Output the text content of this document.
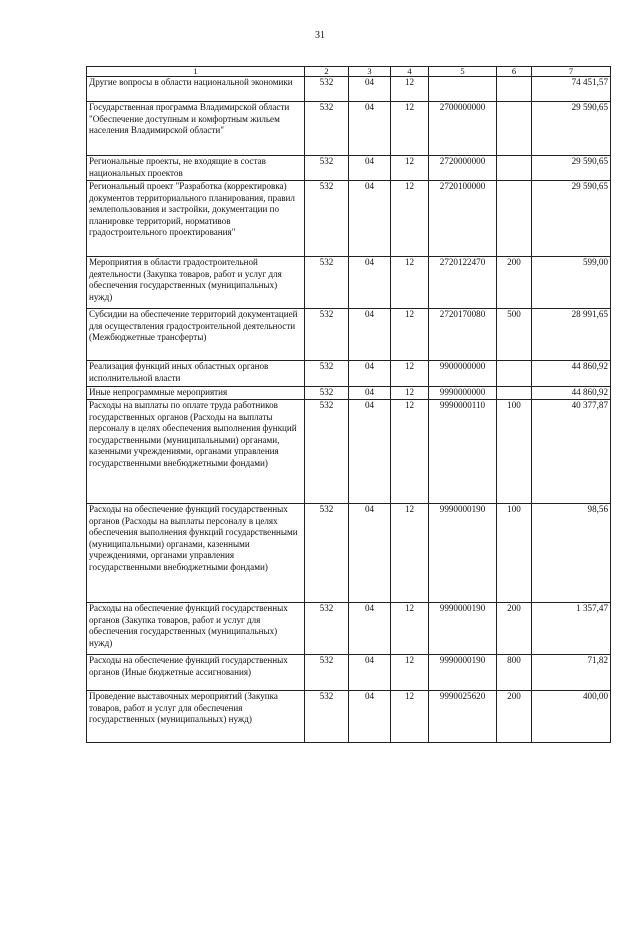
31
1	2	3	4	5	6	7
Другие вопросы в области национальной экономики	532	04	12			74 451,57
Государственная программа Владимирской области "Обеспечение доступным и комфортным жильем населения Владимирской области"	532	04	12	2700000000		29 590,65
Региональные проекты, не входящие в состав национальных проектов	532	04	12	2720000000		29 590,65
Региональный проект "Разработка (корректировка) документов территориального планирования, правил землепользования и застройки, документации по планировке территорий, нормативов градостроительного проектирования"	532	04	12	2720100000		29 590,65
Мероприятия в области градостроительной деятельности (Закупка товаров, работ и услуг для обеспечения государственных (муниципальных) нужд)	532	04	12	2720122470	200	599,00
Субсидии на обеспечение территорий документацией для осуществления градостроительной деятельности (Межбюджетные трансферты)	532	04	12	2720170080	500	28 991,65
Реализация функций иных областных органов исполнительной власти	532	04	12	9900000000		44 860,92
Иные непрограммные мероприятия	532	04	12	9990000000		44 860,92
Расходы на выплаты по оплате труда работников государственных органов (Расходы на выплаты персоналу в целях обеспечения выполнения функций государственными (муниципальными) органами, казенными учреждениями, органами управления государственными внебюджетными фондами)	532	04	12	9990000110	100	40 377,87
Расходы на обеспечение функций государственных органов (Расходы на выплаты персоналу в целях обеспечения выполнения функций государственными (муниципальными) органами, казенными учреждениями, органами управления государственными внебюджетными фондами)	532	04	12	9990000190	100	98,56
Расходы на обеспечение функций государственных органов (Закупка товаров, работ и услуг для обеспечения государственных (муниципальных) нужд)	532	04	12	9990000190	200	1 357,47
Расходы на обеспечение функций государственных органов (Иные бюджетные ассигнования)	532	04	12	9990000190	800	71,82
Проведение выставочных мероприятий (Закупка товаров, работ и услуг для обеспечения государственных (муниципальных) нужд)	532	04	12	9990025620	200	400,00
